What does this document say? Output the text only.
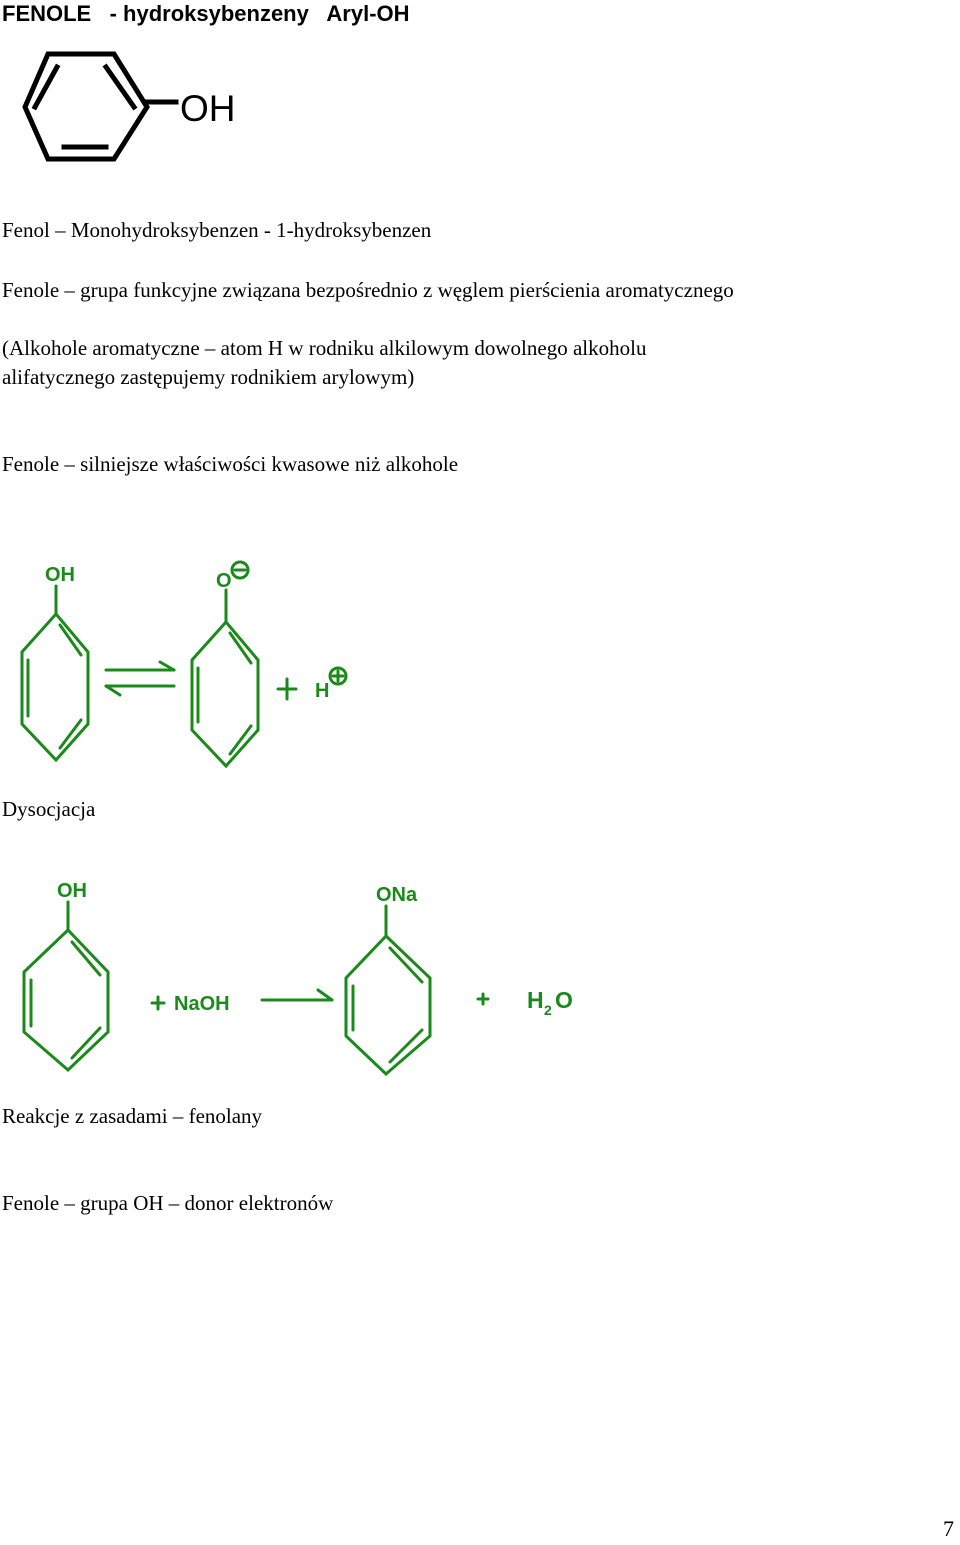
FENOLE - hydroksybenzeny Aryl-OH
OH

Fenol – Monohydroksybenzen - 1-hydroksybenzen

Fenole – grupa funkcyjne związana bezpośrednio z węglem pierścienia aromatycznego

(Alkohole aromatyczne – atom H w rodniku alkilowym dowolnego alkoholu

alifatycznego zastępujemy rodnikiem arylowym)

Fenole – silniejsze właściwości kwasowe niż alkohole

OH	O
H

Dysocjacja

OH
NaOH
ONa
H 2 O

Reakcje z zasadami – fenolany

Fenole – grupa OH – donor elektronów

7
